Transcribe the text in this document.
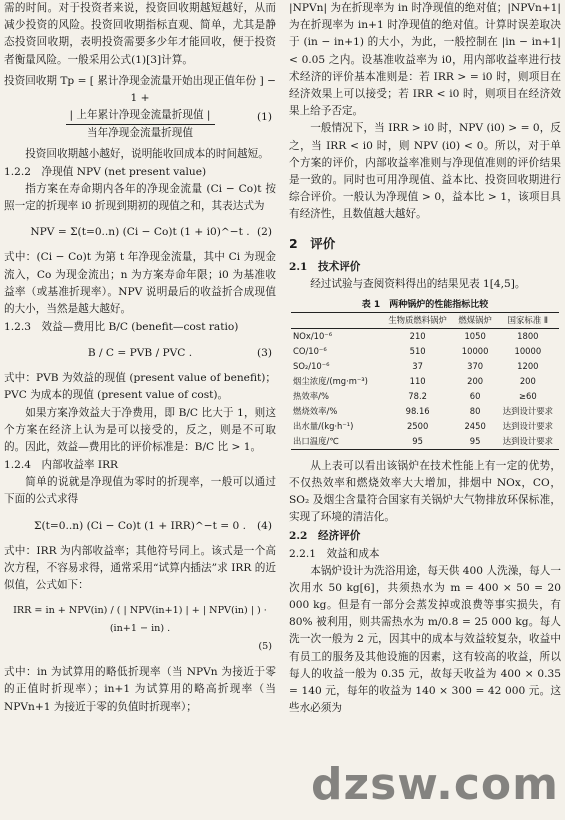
需的时间。对于投资者来说，投资回收期越短越好，从而减少投资的风险。投资回收期指标直观、简单，尤其是静态投资回收期，表明投资需要多少年才能回收，便于投资者衡量风险。一般采用公式(1)[3]计算。

投资回收期 Tp = [ 累计净现金流量开始出现正值年份 ] − 1 +
| 上年累计净现金流量折现值 |	(1)
当年净现金流量折现值

投资回收期越小越好，说明能收回成本的时间越短。

1.2.2　净现值 NPV (net present value)

指方案在寿命期内各年的净现金流量 (Ci − Co)t 按照一定的折现率 i0 折现到期初的现值之和，其表达式为

NPV = Σ(t=0..n) (Ci − Co)t (1 + i0)^−t . (2)

式中：(Ci − Co)t 为第 t 年净现金流量，其中 Ci 为现金流入，Co 为现金流出；n 为方案寿命年限；i0 为基准收益率（或基准折现率）。NPV 说明最后的收益折合成现值的大小，当然是越大越好。

1.2.3　效益—费用比 B/C (benefit—cost ratio)
B / C = PVB / PVC .	(3)

式中：PVB 为效益的现值 (present value of benefit)；PVC 为成本的现值 (present value of cost)。

如果方案净效益大于净费用，即 B/C 比大于 1，则这个方案在经济上认为是可以接受的，反之，则是不可取的。因此，效益—费用比的评价标准是：B/C 比 > 1。

1.2.4　内部收益率 IRR

简单的说就是净现值为零时的折现率，一般可以通过下面的公式求得

Σ(t=0..n) (Ci − Co)t (1 + IRR)^−t = 0 . (4)

式中：IRR 为内部收益率；其他符号同上。该式是一个高次方程，不容易求得，通常采用“试算内插法”求 IRR 的近似值，公式如下：

IRR = in + NPV(in) / ( | NPV(in+1) | + | NPV(in) | ) · (in+1 − in) .
(5)

式中：in 为试算用的略低折现率（当 NPVn 为接近于零的正值时折现率）；in+1 为试算用的略高折现率（当 NPVn+1 为接近于零的负值时折现率）；

|NPVn| 为在折现率为 in 时净现值的绝对值；|NPVn+1| 为在折现率为 in+1 时净现值的绝对值。计算时误差取决于 (in − in+1) 的大小，为此，一般控制在 |in − in+1| < 0.05 之内。设基准收益率为 i0，用内部收益率进行技术经济的评价基本准则是：若 IRR > = i0 时，则项目在经济效果上可以接受；若 IRR < i0 时，则项目在经济效果上给予否定。

一般情况下，当 IRR > i0 时，NPV (i0) > = 0，反之，当 IRR < i0 时，则 NPV (i0) < 0。所以，对于单个方案的评价，内部收益率准则与净现值准则的评价结果是一致的。同时也可用净现值、益本比、投资回收期进行综合评价。一般认为净现值 > 0，益本比 > 1，该项目具有经济性，且数值越大越好。

2　评价
2.1　技术评价

经过试验与查阅资料得出的结果见表 1[4,5]。

表 1　两种锅炉的性能指标比较
	生物质燃料锅炉	燃煤锅炉	国家标准 Ⅱ
NOx/10⁻⁶	210	1050	1800
CO/10⁻⁶	510	10000	10000
SO₂/10⁻⁶	37	370	1200
烟尘浓度/(mg·m⁻³)	110	200	200
热效率/%	78.2	60	≥60
燃烧效率/%	98.16	80	达到设计要求
出水量/(kg·h⁻¹)	2500	2450	达到设计要求
出口温度/℃	95	95	达到设计要求

从上表可以看出该锅炉在技术性能上有一定的优势，不仅热效率和燃烧效率大大增加，排烟中 NOx，CO，SO₂ 及烟尘含量符合国家有关锅炉大气物排放环保标准，实现了环境的清洁化。

2.2　经济评价
2.2.1　效益和成本

本锅炉设计为洗浴用途，每天供 400 人洗澡，每人一次用水 50 kg[6]，共须热水为 m = 400 × 50 = 20 000 kg。但是有一部分会蒸发掉或浪费等事实损失，有 80% 被利用，则共需热水为 m/0.8 = 25 000 kg。每人洗一次一般为 2 元，因其中的成本与效益较复杂，收益中有员工的服务及其他设施的因素，这有较高的收益，所以每人的收益一般为 0.35 元，故每天收益为 400 × 0.35 = 140 元，每年的收益为 140 × 300 = 42 000 元。这些水必须为

dzsw.com
